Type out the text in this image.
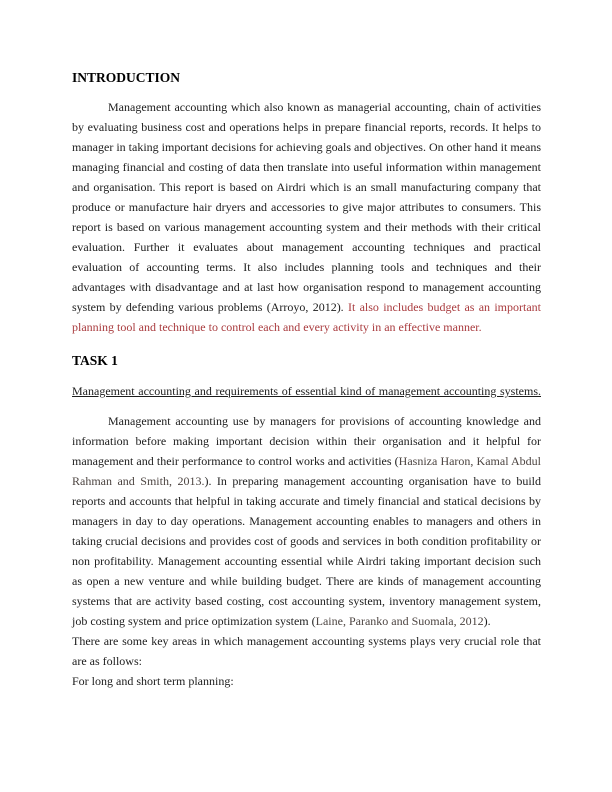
INTRODUCTION

Management accounting which also known as managerial accounting, chain of activities by evaluating business cost and operations helps in prepare financial reports, records. It helps to manager in taking important decisions for achieving goals and objectives. On other hand it means managing financial and costing of data then translate into useful information within management and organisation. This report is based on Airdri which is an small manufacturing company that produce or manufacture hair dryers and accessories to give major attributes to consumers. This report is based on various management accounting system and their methods with their critical evaluation. Further it evaluates about management accounting techniques and practical evaluation of accounting terms. It also includes planning tools and techniques and their advantages with disadvantage and at last how organisation respond to management accounting system by defending various problems (Arroyo, 2012). It also includes budget as an important planning tool and technique to control each and every activity in an effective manner.

TASK 1
Management accounting and requirements of essential kind of management accounting systems.

Management accounting use by managers for provisions of accounting knowledge and information before making important decision within their organisation and it helpful for management and their performance to control works and activities (Hasniza Haron, Kamal Abdul Rahman and Smith, 2013.). In preparing management accounting organisation have to build reports and accounts that helpful in taking accurate and timely financial and statical decisions by managers in day to day operations. Management accounting enables to managers and others in taking crucial decisions and provides cost of goods and services in both condition profitability or non profitability. Management accounting essential while Airdri taking important decision such as open a new venture and while building budget. There are kinds of management accounting systems that are activity based costing, cost accounting system, inventory management system, job costing system and price optimization system (Laine, Paranko and Suomala, 2012).

There are some key areas in which management accounting systems plays very crucial role that are as follows:

For long and short term planning:
